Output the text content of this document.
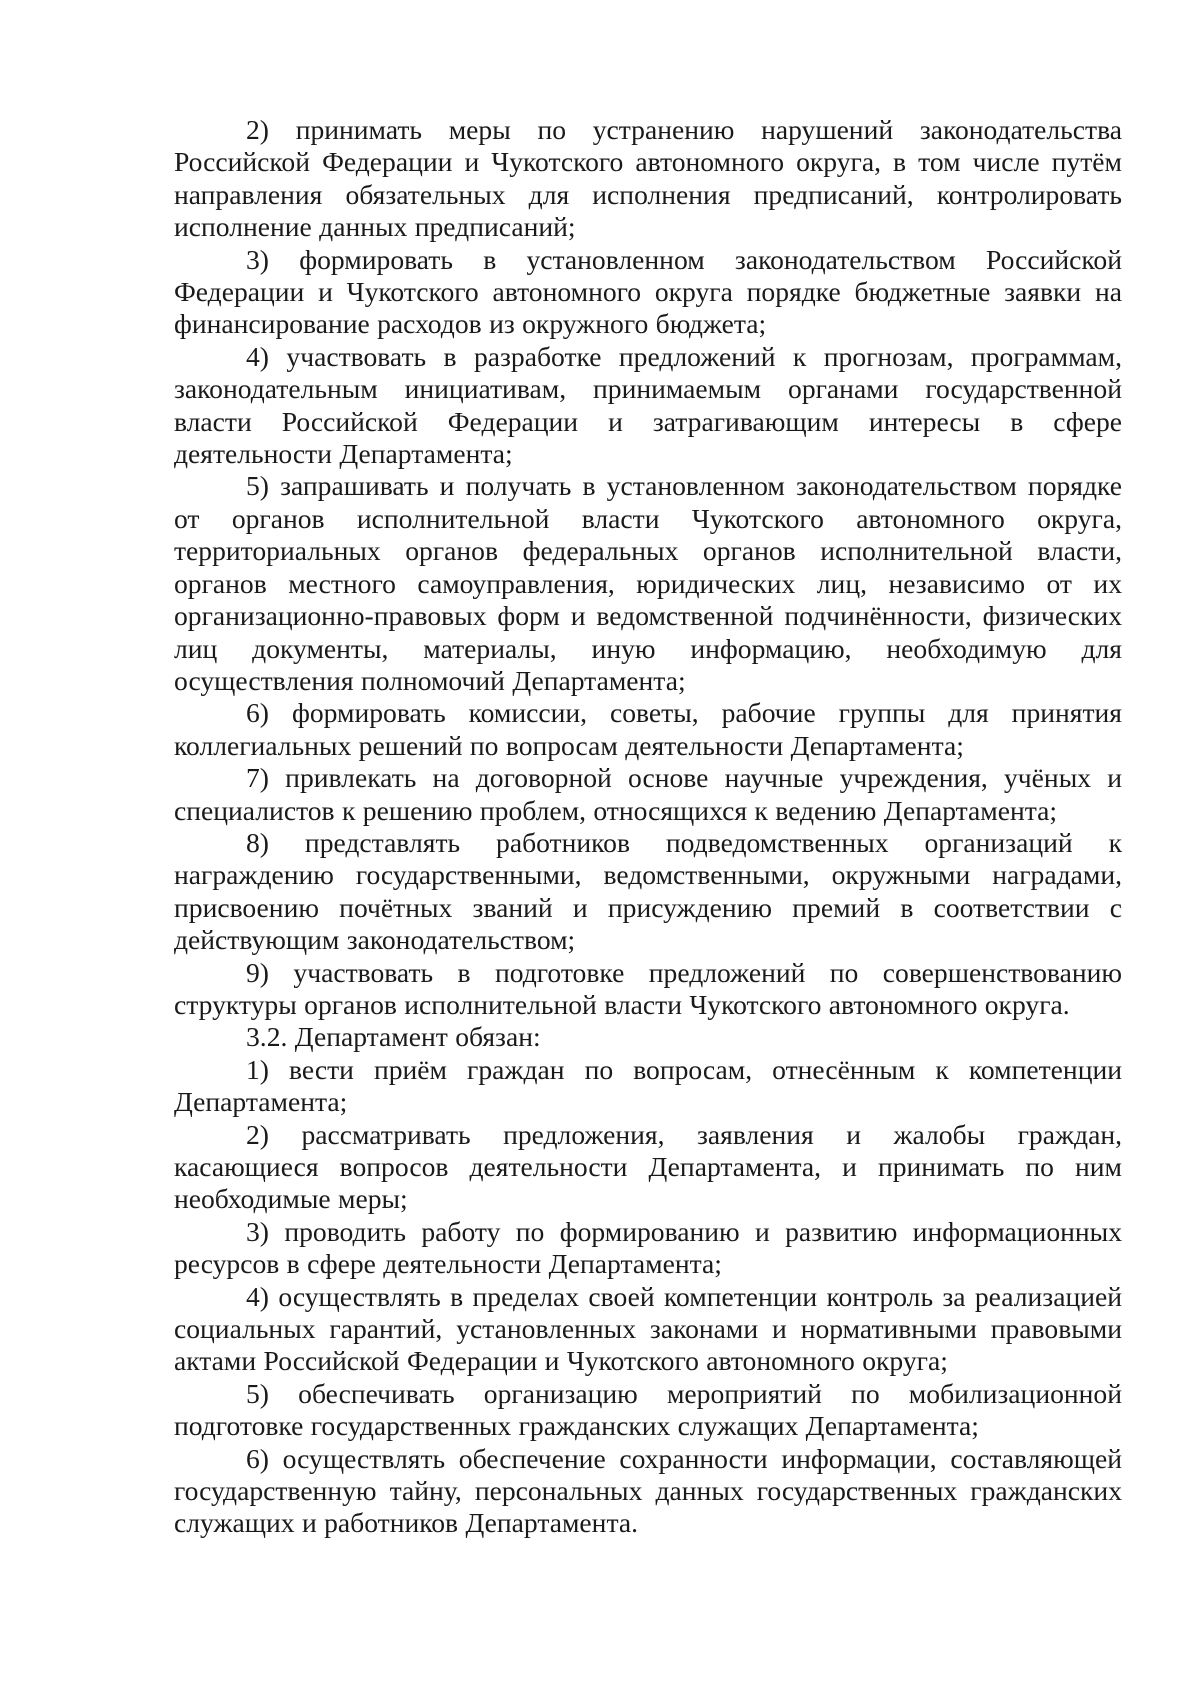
2) принимать меры по устранению нарушений законодательства Российской Федерации и Чукотского автономного округа, в том числе путём направления обязательных для исполнения предписаний, контролировать исполнение данных предписаний;

3) формировать в установленном законодательством Российской Федерации и Чукотского автономного округа порядке бюджетные заявки на финансирование расходов из окружного бюджета;

4) участвовать в разработке предложений к прогнозам, программам, законодательным инициативам, принимаемым органами государственной власти Российской Федерации и затрагивающим интересы в сфере деятельности Департамента;

5) запрашивать и получать в установленном законодательством порядке от органов исполнительной власти Чукотского автономного округа, территориальных органов федеральных органов исполнительной власти, органов местного самоуправления, юридических лиц, независимо от их организационно-правовых форм и ведомственной подчинённости, физических лиц документы, материалы, иную информацию, необходимую для осуществления полномочий Департамента;

6) формировать комиссии, советы, рабочие группы для принятия коллегиальных решений по вопросам деятельности Департамента;

7) привлекать на договорной основе научные учреждения, учёных и специалистов к решению проблем, относящихся к ведению Департамента;

8) представлять работников подведомственных организаций к награждению государственными, ведомственными, окружными наградами, присвоению почётных званий и присуждению премий в соответствии с действующим законодательством;

9) участвовать в подготовке предложений по совершенствованию структуры органов исполнительной власти Чукотского автономного округа.

3.2. Департамент обязан:

1) вести приём граждан по вопросам, отнесённым к компетенции Департамента;

2) рассматривать предложения, заявления и жалобы граждан, касающиеся вопросов деятельности Департамента, и принимать по ним необходимые меры;

3) проводить работу по формированию и развитию информационных ресурсов в сфере деятельности Департамента;

4) осуществлять в пределах своей компетенции контроль за реализацией социальных гарантий, установленных законами и нормативными правовыми актами Российской Федерации и Чукотского автономного округа;

5) обеспечивать организацию мероприятий по мобилизационной подготовке государственных гражданских служащих Департамента;

6) осуществлять обеспечение сохранности информации, составляющей государственную тайну, персональных данных государственных гражданских служащих и работников Департамента.
